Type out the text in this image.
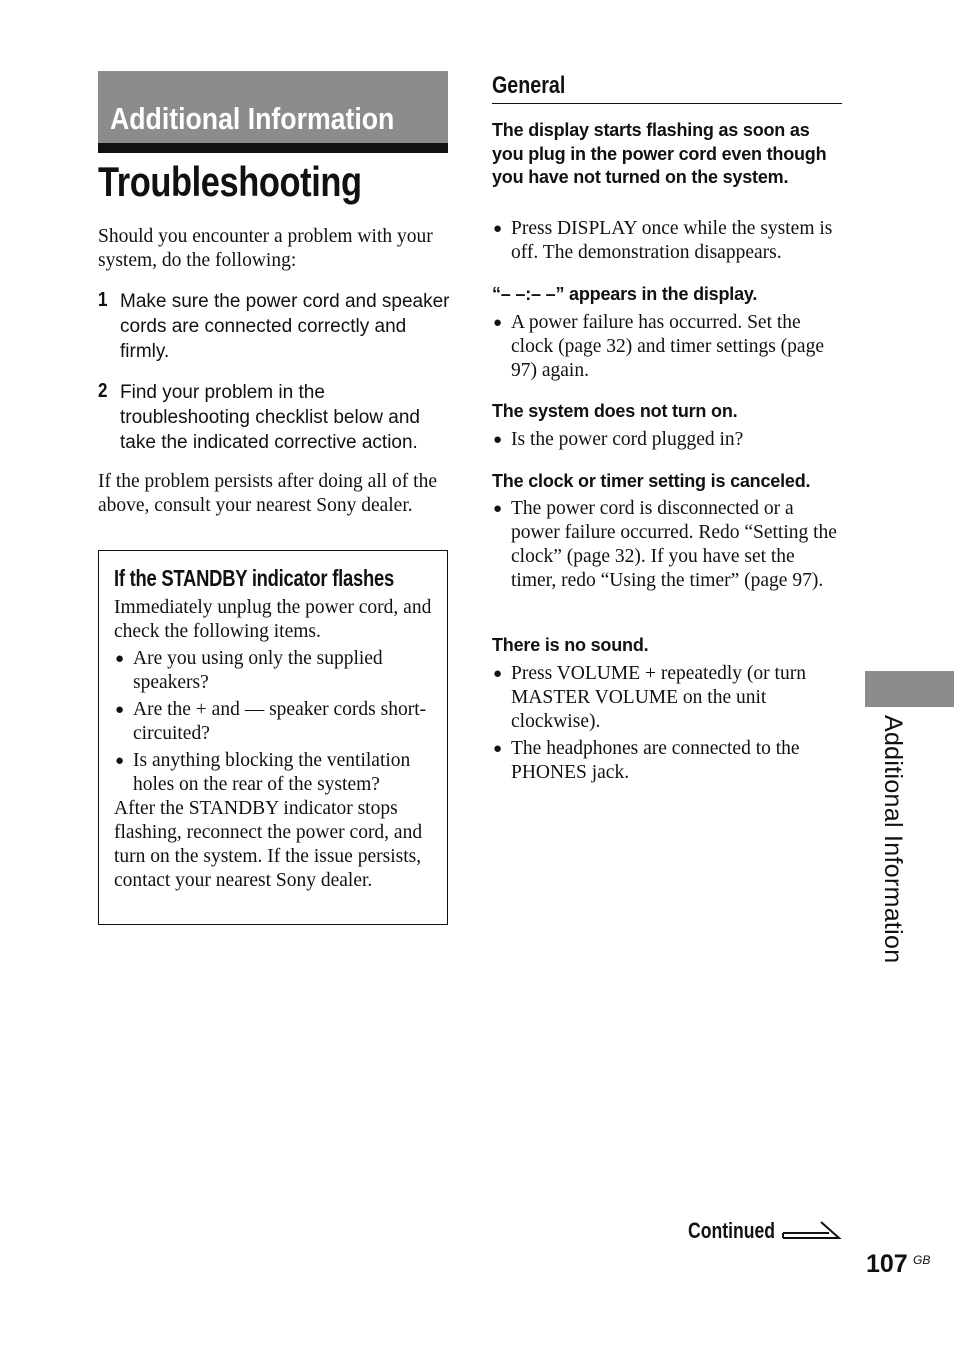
Additional Information
Troubleshooting

Should you encounter a problem with your system, do the following:

1 Make sure the power cord and speaker cords are connected correctly and firmly.
2 Find your problem in the troubleshooting checklist below and take the indicated corrective action.

If the problem persists after doing all of the above, consult your nearest Sony dealer.

If the STANDBY indicator flashes

Immediately unplug the power cord, and check the following items.

● Are you using only the supplied speakers?
● Are the + and — speaker cords short-circuited?
● Is anything blocking the ventilation holes on the rear of the system?

After the STANDBY indicator stops flashing, reconnect the power cord, and turn on the system. If the issue persists, contact your nearest Sony dealer.

General
The display starts flashing as soon as you plug in the power cord even though you have not turned on the system.
● Press DISPLAY once while the system is off. The demonstration disappears.
“– –:– –” appears in the display.
● A power failure has occurred. Set the clock (page 32) and timer settings (page 97) again.
The system does not turn on.
● Is the power cord plugged in?
The clock or timer setting is canceled.
● The power cord is disconnected or a power failure occurred. Redo “Setting the clock” (page 32). If you have set the timer, redo “Using the timer” (page 97).
There is no sound.
● Press VOLUME + repeatedly (or turn MASTER VOLUME on the unit clockwise).
● The headphones are connected to the PHONES jack.	Additional Information
Continued
107 GB
